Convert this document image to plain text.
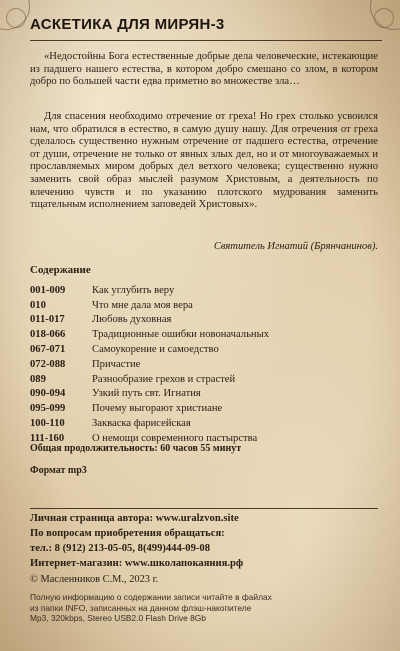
АСКЕТИКА ДЛЯ МИРЯН-3

«Недостойны Бога естественные добрые дела человеческие, истекающие из падшего нашего естества, в котором добро смешано со злом, в котором добро по большей части едва приметно во множестве зла…

Для спасения необходимо отречение от греха! Но грех столько усвоился нам, что обратился в естество, в самую душу нашу. Для отречения от греха сделалось существенно нужным отречение от падшего естества, отречение от души, отречение не только от явных злых дел, но и от многоуважаемых и прославляемых миром добрых дел ветхого человека; существенно нужно заменить свой образ мыслей разумом Христовым, а деятельность по влечению чувств и по указанию плотского мудрования заменить тщательным исполнением заповедей Христовых».

Святитель Игнатий (Брянчанинов).
Содержание
001-009	Как углубить веру
010	Что мне дала моя вера
011-017	Любовь духовная
018-066	Традиционные ошибки новоначальных
067-071	Самоукорение и самоедство
072-088	Причастие
089	Разнообразие грехов и страстей
090-094	Узкий путь свт. Игнатия
095-099	Почему выгорают христиане
100-110	Закваска фарисейская
111-160	О немощи современного пастырства
Общая продолжительность: 60 часов 55 минут
Формат mp3
Личная страница автора: www.uralzvon.site
По вопросам приобретения обращаться:
тел.: 8 (912) 213-05-05, 8(499)444-09-08
Интернет-магазин: www.школапокаяния.рф
© Масленников С.М., 2023 г.

Полную информацию о содержании записи читайте в файлах
из папки INFO, записанных на данном флэш-накопителе
Mp3, 320kbps, Stereo USB2.0 Flash Drive 8Gb
